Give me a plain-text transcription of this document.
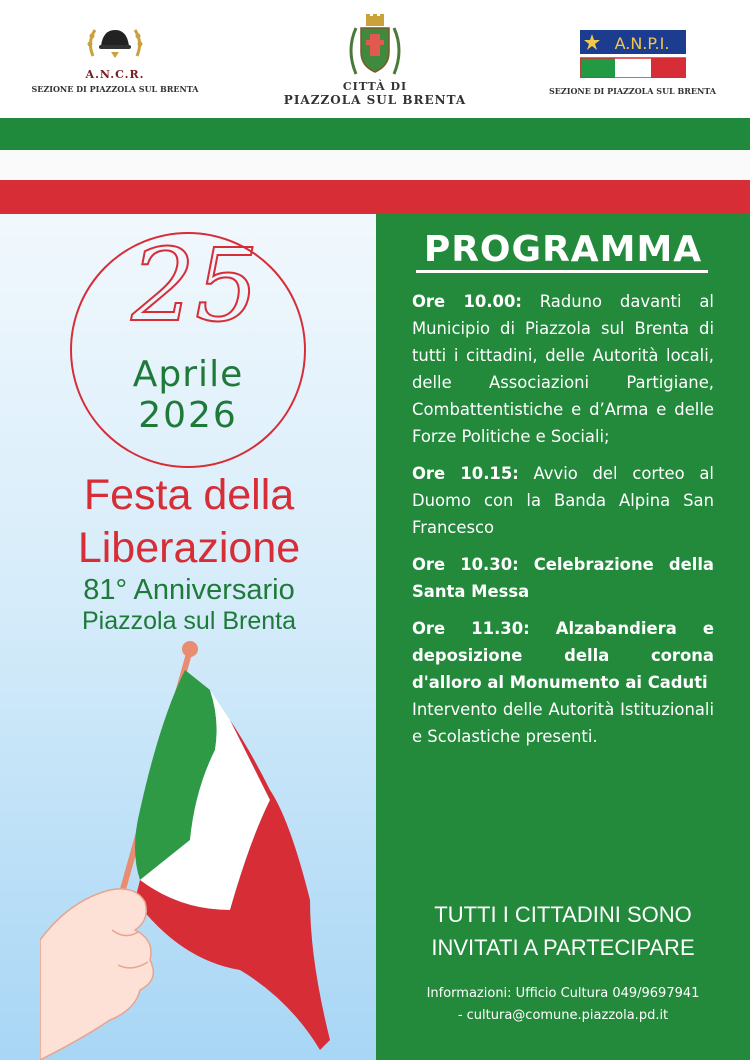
A.N.C.R.
SEZIONE DI PIAZZOLA SUL BRENTA	CITTÀ DI
PIAZZOLA SUL BRENTA
A.N.P.I.
SEZIONE DI PIAZZOLA SUL BRENTA
25
Aprile
2026
Festa della
Liberazione
81° Anniversario
Piazzola sul Brenta
PROGRAMMA

Ore 10.00: Raduno davanti al Municipio di Piazzola sul Brenta di tutti i cittadini, delle Autorità locali, delle Associazioni Partigiane, Combattentistiche e d’Arma e delle Forze Politiche e Sociali;

Ore 10.15: Avvio del corteo al Duomo con la Banda Alpina San Francesco

Ore 10.30: Celebrazione della Santa Messa

Ore 11.30: Alzabandiera e deposizione della corona d'alloro al Monumento ai Caduti
Intervento delle Autorità Istituzionali e Scolastiche presenti.

TUTTI I CITTADINI SONO
INVITATI A PARTECIPARE
Informazioni: Ufficio Cultura 049/9697941
- cultura@comune.piazzola.pd.it
